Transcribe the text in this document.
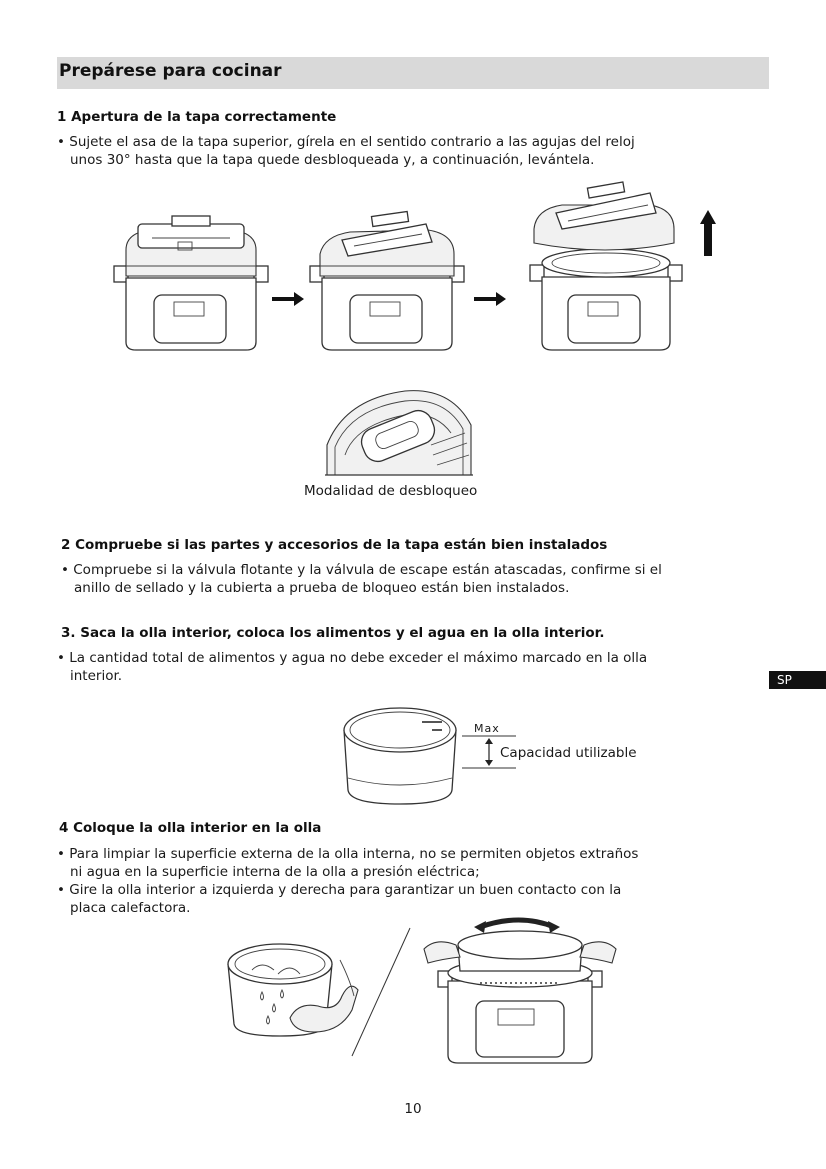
Prepárese para cocinar
1 Apertura de la tapa correctamente
• Sujete el asa de la tapa superior, gírela en el sentido contrario a las agujas del reloj
unos 30° hasta que la tapa quede desbloqueada y, a continuación, levántela.
Modalidad de desbloqueo
2 Compruebe si las partes y accesorios de la tapa están bien instalados
• Compruebe si la válvula flotante y la válvula de escape están atascadas, confirme si el
anillo de sellado y la cubierta a prueba de bloqueo están bien instalados.
3. Saca la olla interior, coloca los alimentos y el agua en la olla interior.
• La cantidad total de alimentos y agua no debe exceder el máximo marcado en la olla
interior.	SP
Max
Capacidad utilizable
4 Coloque la olla interior en la olla
• Para limpiar la superficie externa de la olla interna, no se permiten objetos extraños
ni agua en la superficie interna de la olla a presión eléctrica;
• Gire la olla interior a izquierda y derecha para garantizar un buen contacto con la
placa calefactora.
10
